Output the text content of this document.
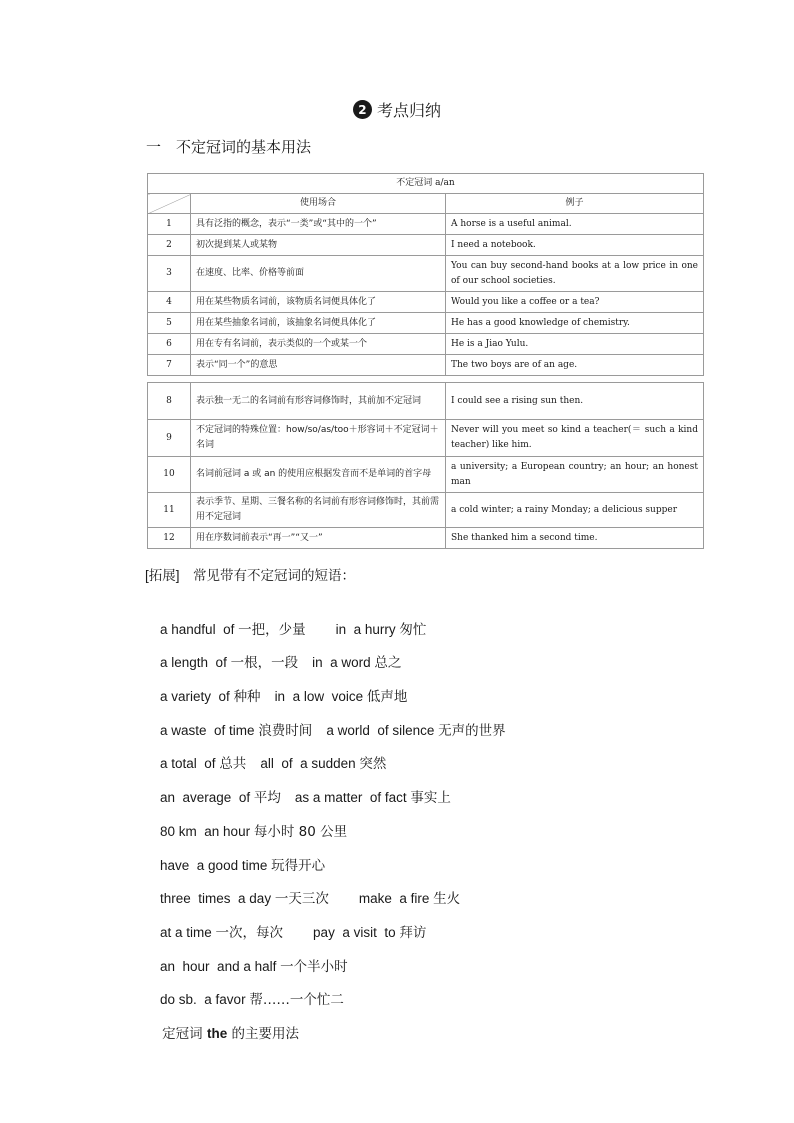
2 考点归纳
一　不定冠词的基本用法
不定冠词 a/an		
	使用场合	例子
1	具有泛指的概念，表示“一类”或“其中的一个”	A horse is a useful animal.
2	初次提到某人或某物	I need a notebook.
3	在速度、比率、价格等前面	You can buy second-hand books at a low price in one of our school societies.
4	用在某些物质名词前，该物质名词便具体化了	Would you like a coffee or a tea?
5	用在某些抽象名词前，该抽象名词便具体化了	He has a good knowledge of chemistry.
6	用在专有名词前，表示类似的一个或某一个	He is a Jiao Yulu.
7	表示“同一个”的意思	The two boys are of an age.
8	表示独一无二的名词前有形容词修饰时，其前加不定冠词	I could see a rising sun then.
9	不定冠词的特殊位置：how/so/as/too＋形容词＋不定冠词＋名词	Never will you meet so kind a teacher(＝ such a kind teacher) like him.
10	名词前冠词 a 或 an 的使用应根据发音而不是单词的首字母	a university; a European country; an hour; an honest man
11	表示季节、星期、三餐名称的名词前有形容词修饰时，其前需用不定冠词	a cold winter; a rainy Monday; a delicious supper
12	用在序数词前表示“再一”“又一”	She thanked him a second time.
[拓展]　常见带有不定冠词的短语：

a handful  of 一把，少量 in  a hurry 匆忙

a length  of 一根，一段 in  a word 总之

a variety  of 种种 in  a low  voice 低声地

a waste  of time 浪费时间 a world  of silence 无声的世界

a total  of 总共 all  of  a sudden 突然

an  average  of 平均 as a matter  of fact 事实上

80 km  an hour 每小时 80 公里

have  a good time 玩得开心

three  times  a day 一天三次 make  a fire 生火

at a time 一次，每次 pay  a visit  to 拜访

an  hour  and a half 一个半小时

do sb.  a favor 帮……一个忙二

定冠词 the 的主要用法
